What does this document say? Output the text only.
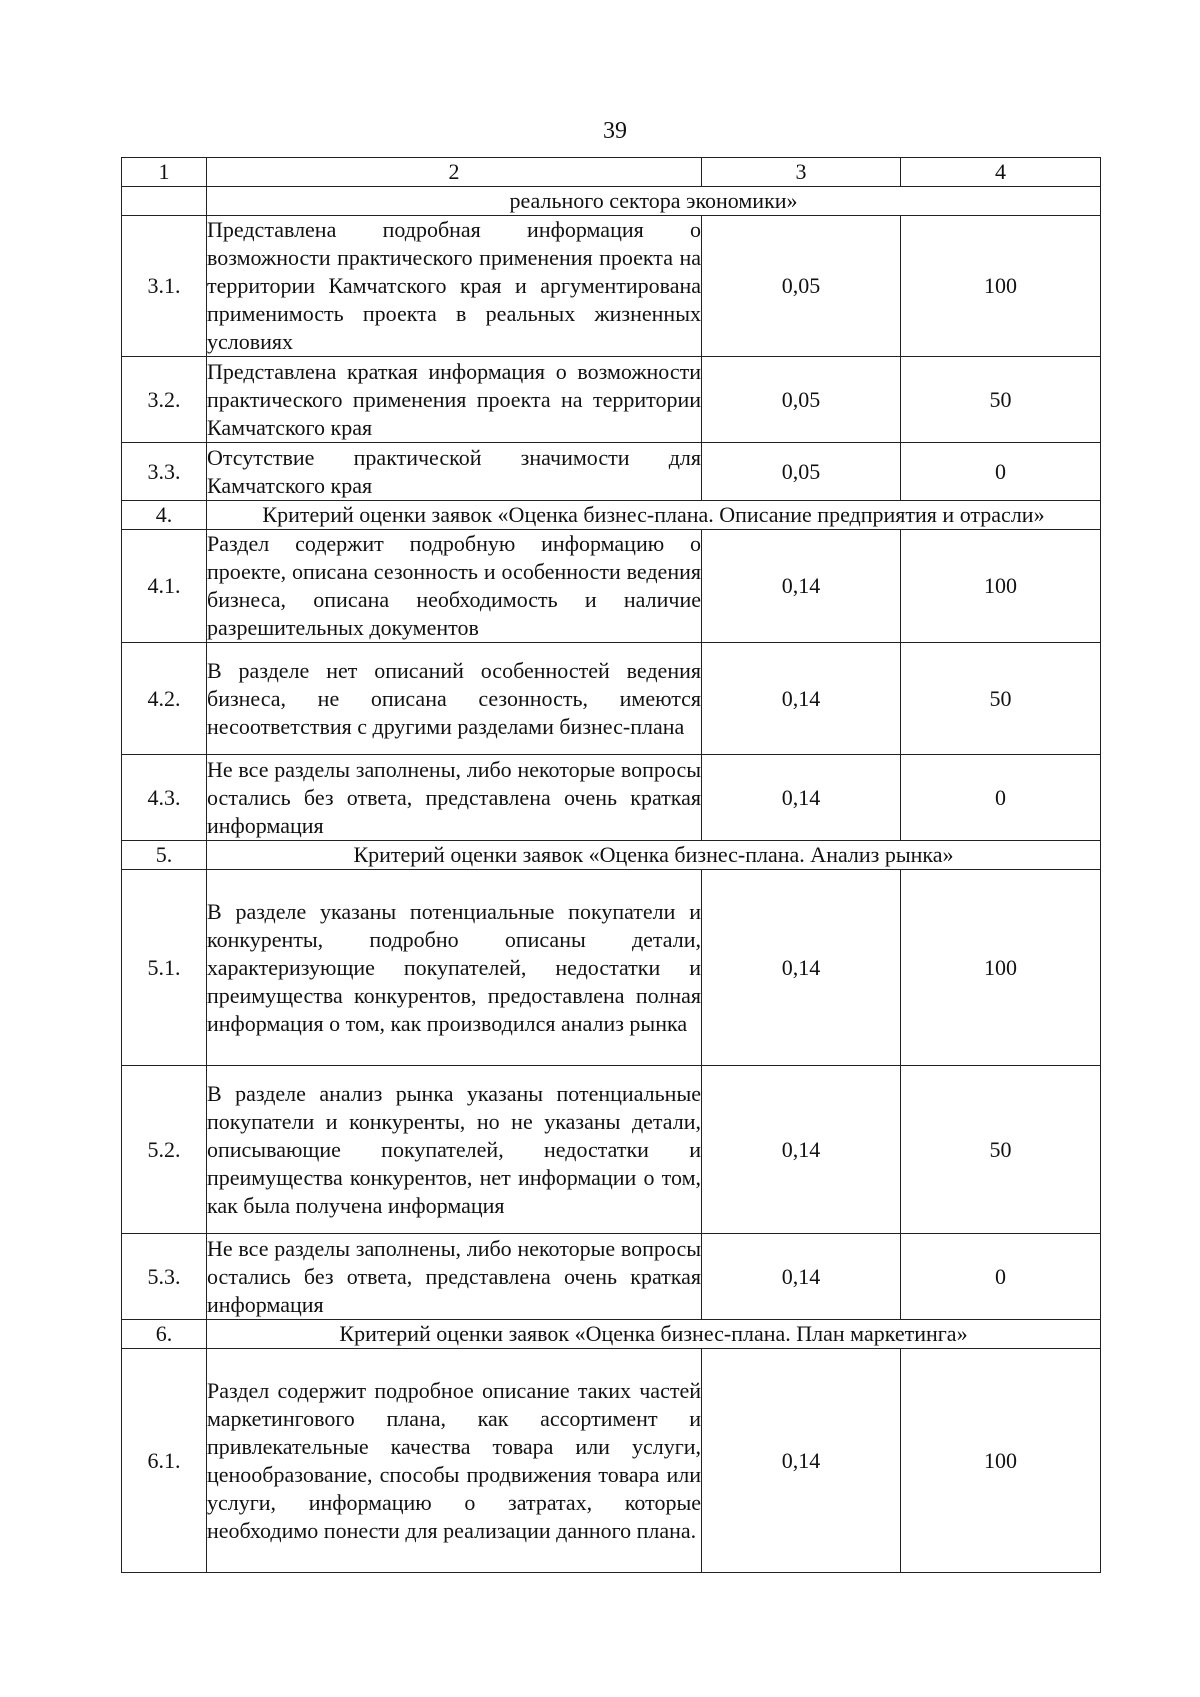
39
1	2	3	4
	реального сектора экономики»		
3.1.	Представлена подробная информация о возможности практического применения проекта на территории Камчатского края и аргументирована применимость проекта в реальных жизненных условиях	0,05	100
3.2.	Представлена краткая информация о возможности практического применения проекта на территории Камчатского края	0,05	50
3.3.	Отсутствие практической значимости для Камчатского края	0,05	0
4.	Критерий оценки заявок «Оценка бизнес-плана. Описание предприятия и отрасли»		
4.1.	Раздел содержит подробную информацию о проекте, описана сезонность и особенности ведения бизнеса, описана необходимость и наличие разрешительных документов	0,14	100
4.2.	В разделе нет описаний особенностей ведения бизнеса, не описана сезонность, имеются несоответствия с другими разделами бизнес-плана	0,14	50
4.3.	Не все разделы заполнены, либо некоторые вопросы остались без ответа, представлена очень краткая информация	0,14	0
5.	Критерий оценки заявок «Оценка бизнес-плана. Анализ рынка»		
5.1.	В разделе указаны потенциальные покупатели и конкуренты, подробно описаны детали, характеризующие покупателей, недостатки и преимущества конкурентов, предоставлена полная информация о том, как производился анализ рынка	0,14	100
5.2.	В разделе анализ рынка указаны потенциальные покупатели и конкуренты, но не указаны детали, описывающие покупателей, недостатки и преимущества конкурентов, нет информации о том, как была получена информация	0,14	50
5.3.	Не все разделы заполнены, либо некоторые вопросы остались без ответа, представлена очень краткая информация	0,14	0
6.	Критерий оценки заявок «Оценка бизнес-плана. План маркетинга»		
6.1.	Раздел содержит подробное описание таких частей маркетингового плана, как ассортимент и привлекательные качества товара или услуги, ценообразование, способы продвижения товара или услуги, информацию о затратах, которые необходимо понести для реализации данного плана.	0,14	100
